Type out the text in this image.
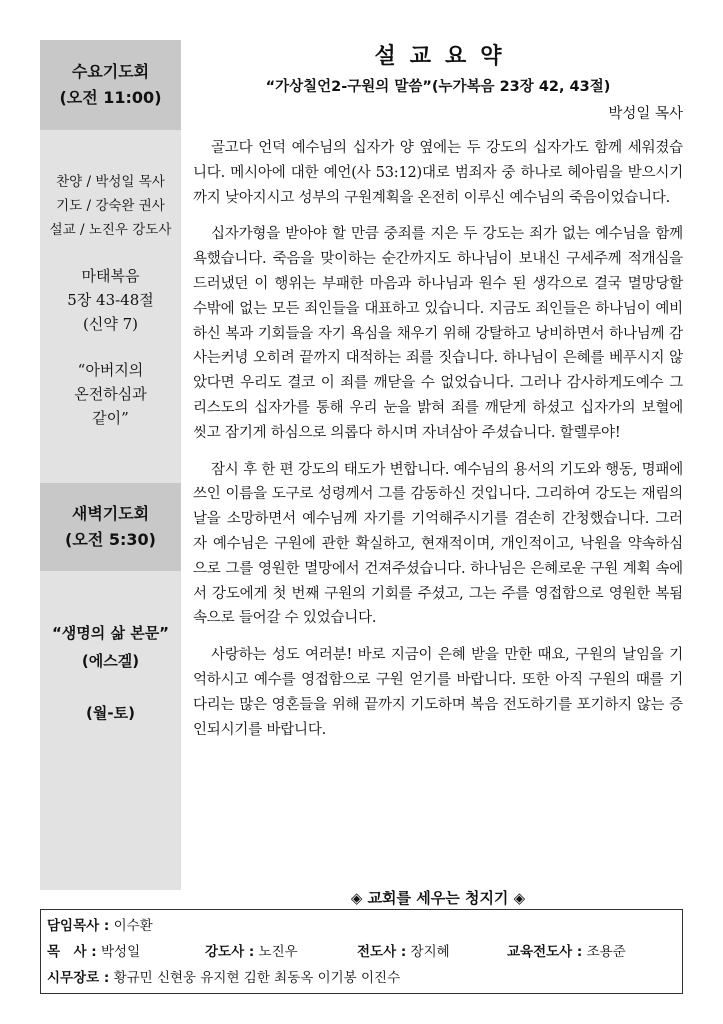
수요기도회
(오전 11:00)
찬양 / 박성일 목사
기도 / 강숙완 권사
설교 / 노진우 강도사
마태복음
5장 43-48절
(신약 7)
“아버지의
온전하심과
같이”
새벽기도회
(오전 5:30)
“생명의 삶 본문”
(에스겔)
(월-토)
설교요약
“가상칠언2-구원의 말씀”(누가복음 23장 42, 43절)
박성일 목사

골고다 언덕 예수님의 십자가 양 옆에는 두 강도의 십자가도 함께 세워졌습니다. 메시아에 대한 예언(사 53:12)대로 범죄자 중 하나로 헤아림을 받으시기까지 낮아지시고 성부의 구원계획을 온전히 이루신 예수님의 죽음이었습니다.

십자가형을 받아야 할 만큼 중죄를 지은 두 강도는 죄가 없는 예수님을 함께 욕했습니다. 죽음을 맞이하는 순간까지도 하나님이 보내신 구세주께 적개심을 드러냈던 이 행위는 부패한 마음과 하나님과 원수 된 생각으로 결국 멸망당할 수밖에 없는 모든 죄인들을 대표하고 있습니다. 지금도 죄인들은 하나님이 예비하신 복과 기회들을 자기 욕심을 채우기 위해 강탈하고 낭비하면서 하나님께 감사는커녕 오히려 끝까지 대적하는 죄를 짓습니다. 하나님이 은혜를 베푸시지 않았다면 우리도 결코 이 죄를 깨닫을 수 없었습니다. 그러나 감사하게도예수 그리스도의 십자가를 통해 우리 눈을 밝혀 죄를 깨닫게 하셨고 십자가의 보혈에 씻고 잠기게 하심으로 의롭다 하시며 자녀삼아 주셨습니다. 할렐루야!

잠시 후 한 편 강도의 태도가 변합니다. 예수님의 용서의 기도와 행동, 명패에 쓰인 이름을 도구로 성령께서 그를 감동하신 것입니다. 그리하여 강도는 재림의 날을 소망하면서 예수님께 자기를 기억해주시기를 겸손히 간청했습니다. 그러자 예수님은 구원에 관한 확실하고, 현재적이며, 개인적이고, 낙원을 약속하심으로 그를 영원한 멸망에서 건져주셨습니다. 하나님은 은혜로운 구원 계획 속에서 강도에게 첫 번째 구원의 기회를 주셨고, 그는 주를 영접함으로 영원한 복됨 속으로 들어갈 수 있었습니다.

사랑하는 성도 여러분! 바로 지금이 은혜 받을 만한 때요, 구원의 날임을 기억하시고 예수를 영접함으로 구원 얻기를 바랍니다. 또한 아직 구원의 때를 기다리는 많은 영혼들을 위해 끝까지 기도하며 복음 전도하기를 포기하지 않는 증인되시기를 바랍니다.

◈ 교회를 세우는 청지기 ◈
담임목사 : 이수환
목　사 : 박성일	강도사 : 노진우	전도사 : 장지혜	교육전도사 : 조용준
시무장로 : 황규민 신현웅 유지현 김한 최동옥 이기봉 이진수
